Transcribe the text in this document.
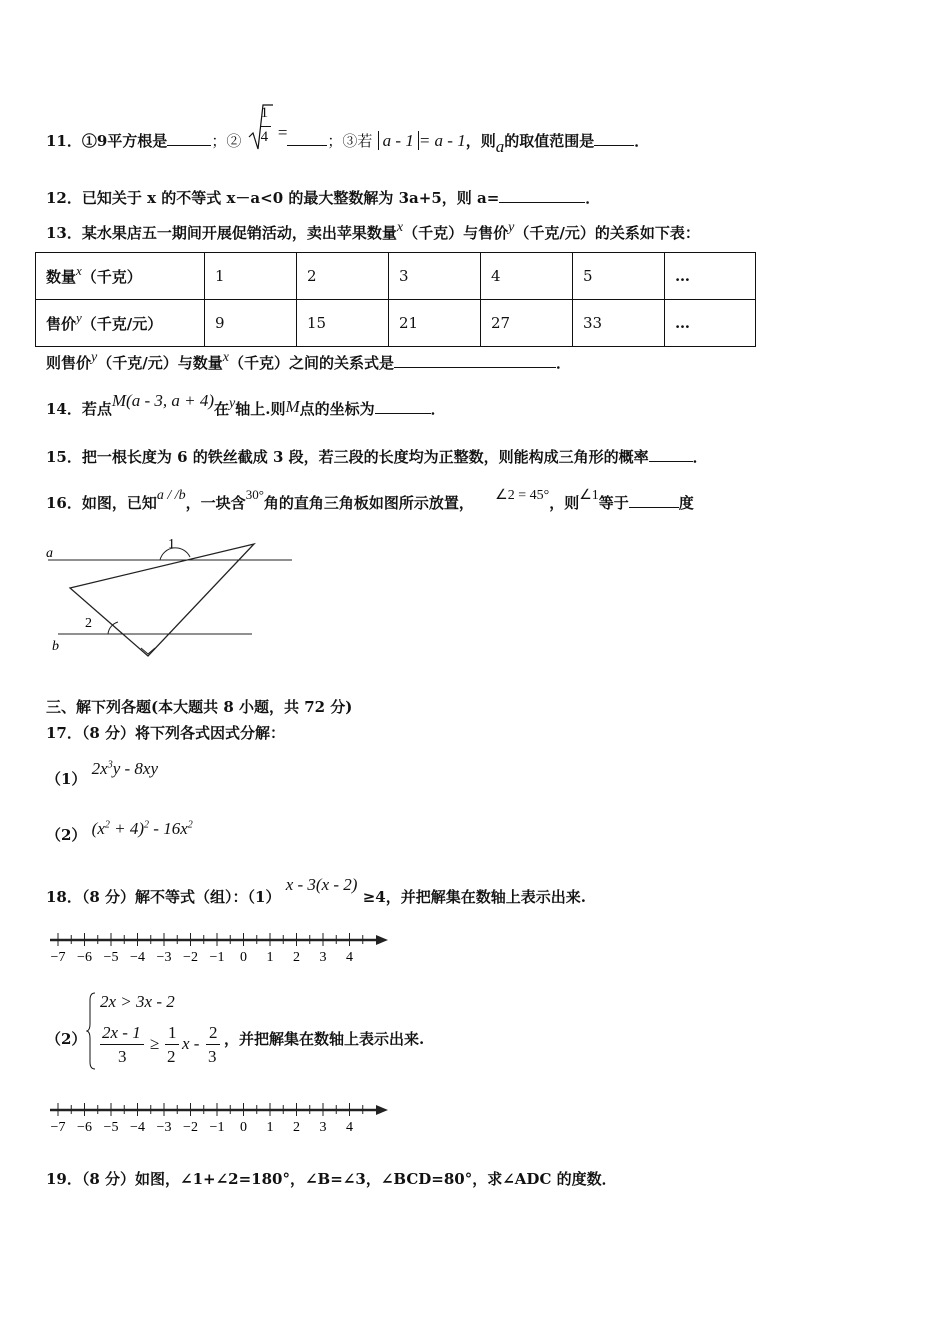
11．①9平方根是	；② $\frac{1}{4}$ =	；③若 a - 1 = a - 1，则a的取值范围是	．
12．已知关于 x 的不等式 x－a<0 的最大整数解为 3a+5，则 a=	．
13．某水果店五一期间开展促销活动，卖出苹果数量x（千克）与售价y（千克/元）的关系如下表：
数量x（千克）	1	2	3	4	5	…
售价y（千克/元）	9	15	21	27	33	…
则售价y（千克/元）与数量x（千克）之间的关系式是	．
14．若点M(a - 3, a + 4)在y轴上.则M点的坐标为	．
15．把一根长度为 6 的铁丝截成 3 段，若三段的长度均为正整数，则能构成三角形的概率	．
16．如图，已知a / /b，一块含30°角的直角三角板如图所示放置， ∠2 = 45°，则∠1等于	度
a
b
1
2
三、解下列各题(本大题共 8 小题，共 72 分)
17．（8 分）将下列各式因式分解：
（1） $2x^3y - 8xy$
（2） $(x^2 + 4)^2 - 16x^2$
18．（8 分）解不等式（组）：（1） x - 3(x - 2) ≥4，并把解集在数轴上表示出来.
−7 −6 −5 −4 −3 −2 −1 0 1 2 3 4
（2）
2x > 3x - 2
2x - 1
3
≥
1
2
x -
2
3
，并把解集在数轴上表示出来.
−7 −6 −5 −4 −3 −2 −1 0 1 2 3 4
19．（8 分）如图，∠1+∠2=180°，∠B=∠3，∠BCD=80°，求∠ADC 的度数．
